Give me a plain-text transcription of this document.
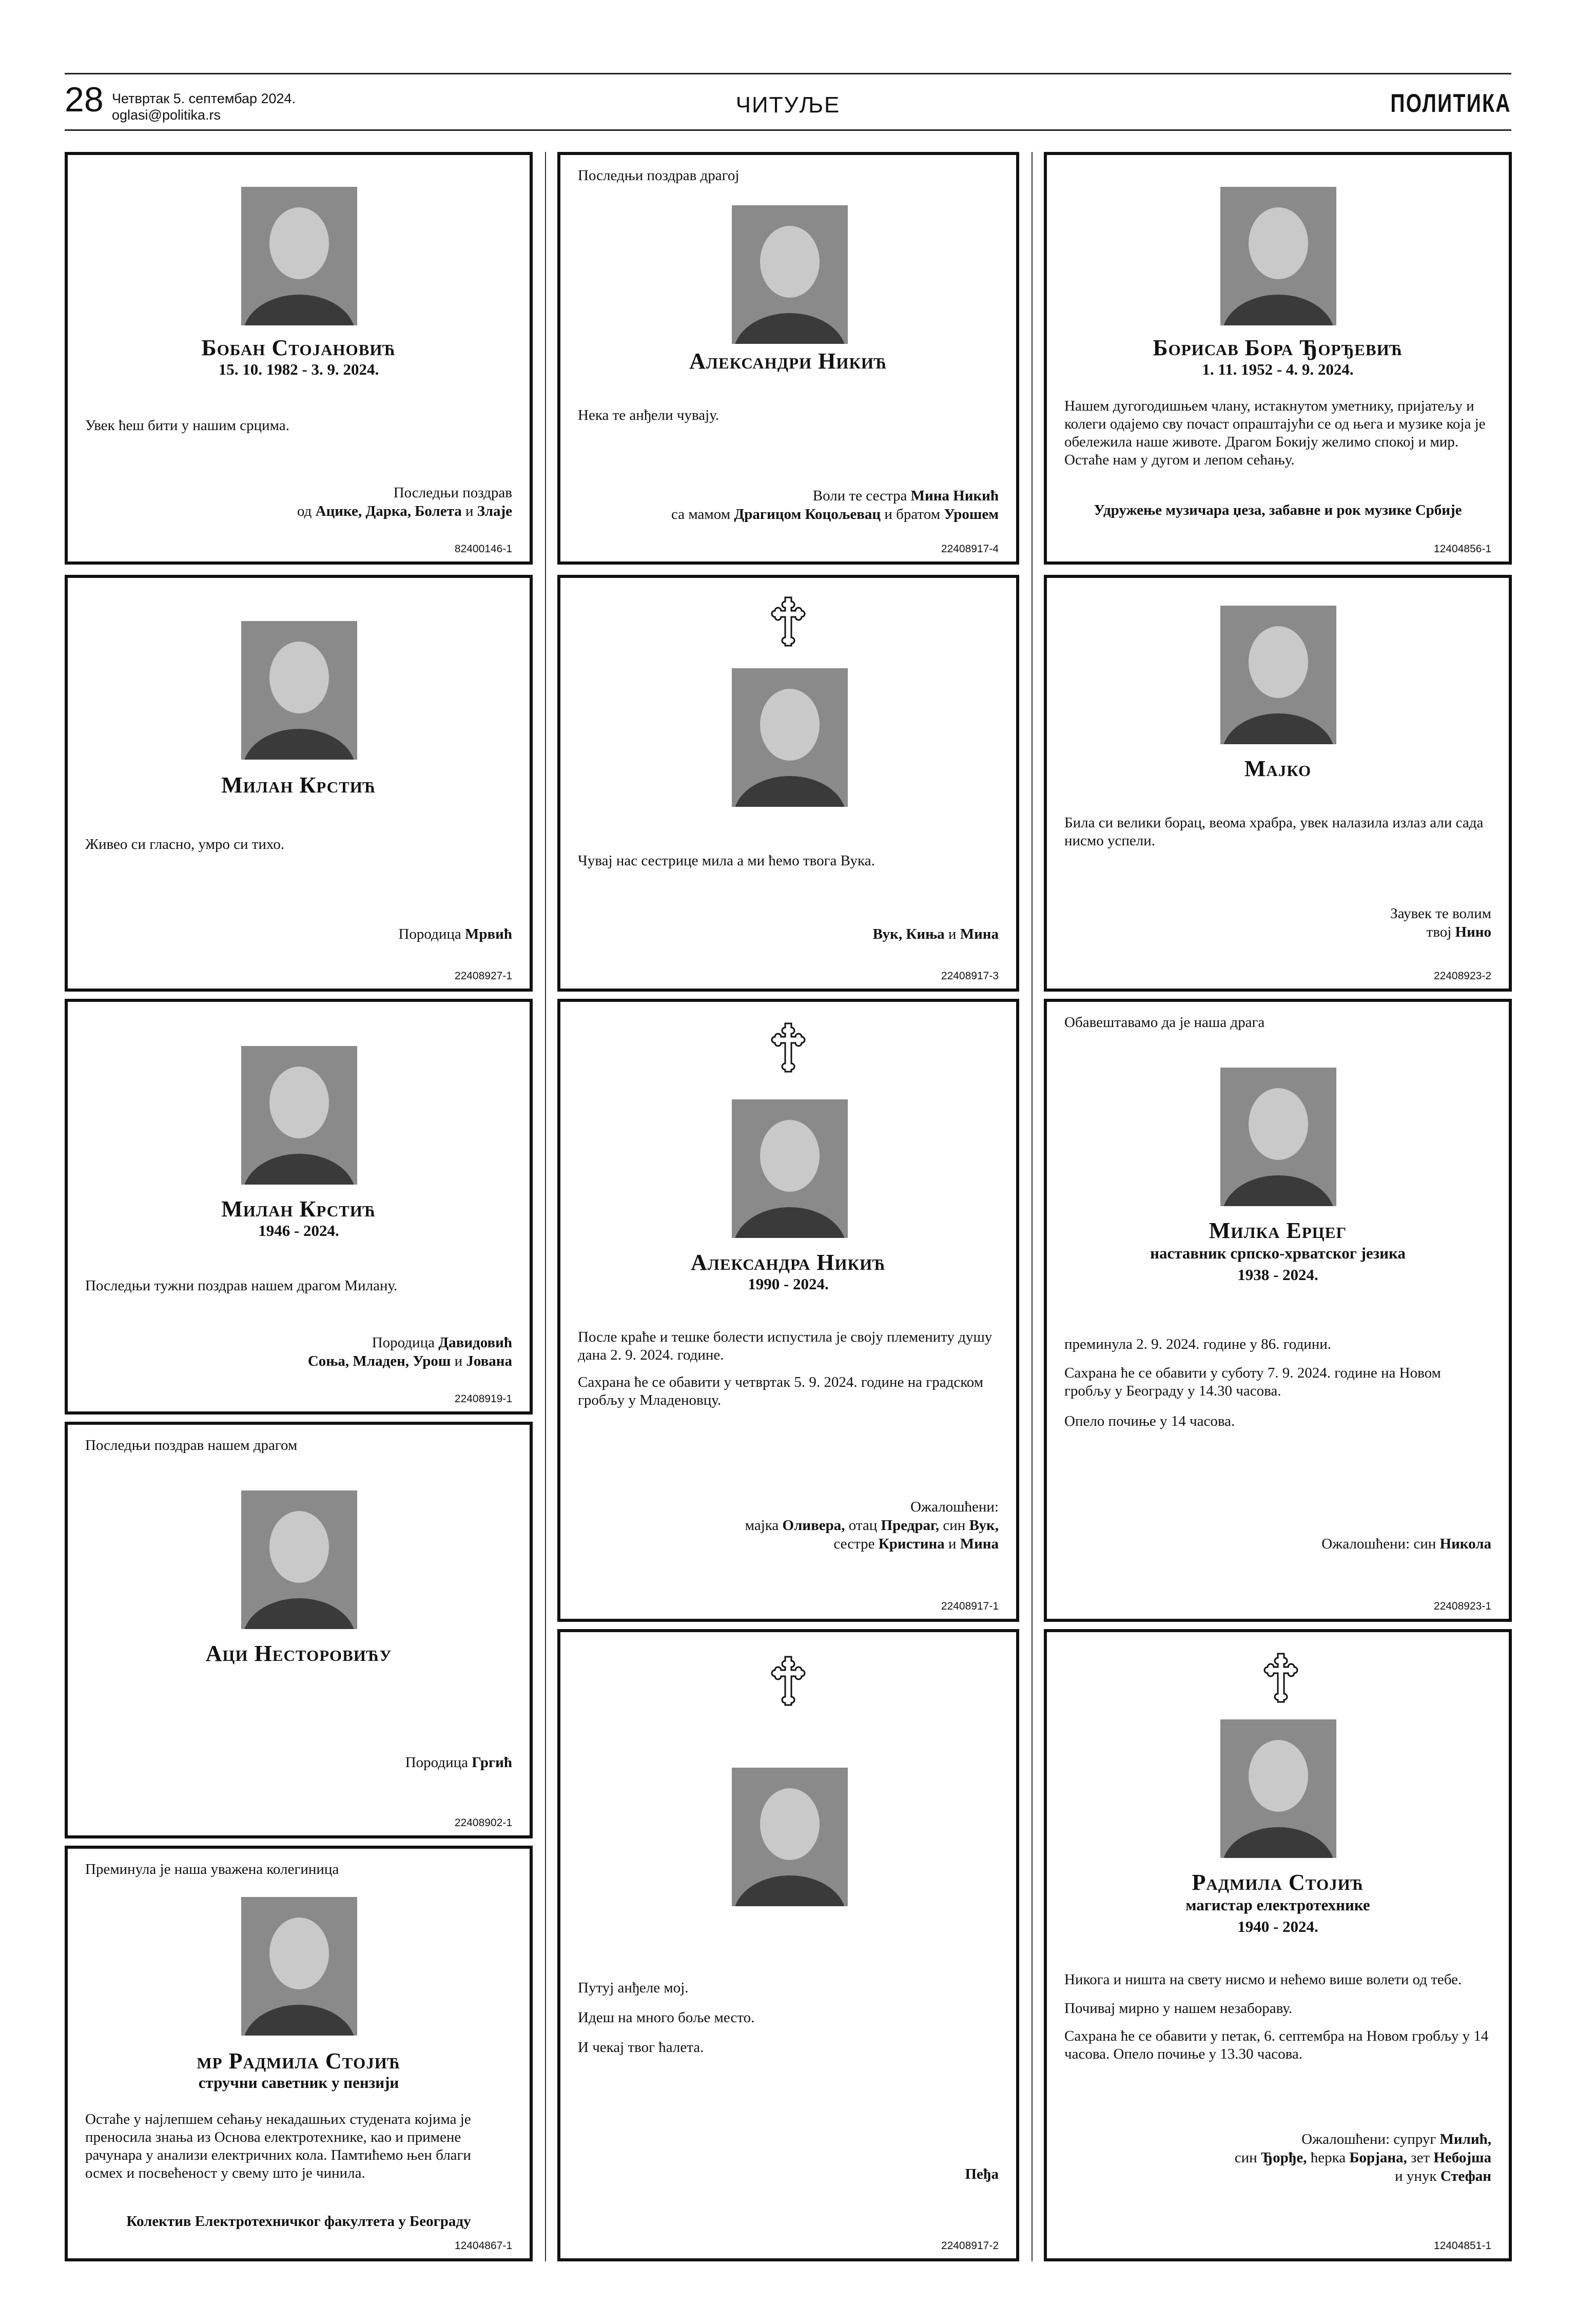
28 Четвртак 5. септембар 2024.
oglasi@politika.rs	ЧИТУЉЕ	ПОЛИТИКА
Бобан Стојановић
15. 10. 1982 - 3. 9. 2024.
Увек ћеш бити у нашим срцима.
Последњи поздрав
од Ацике, Дарка, Болета и Злаје
82400146-1
Милан Крстић
Живео си гласно, умро си тихо.
Породица Мрвић
22408927-1
Милан Крстић
1946 - 2024.
Последњи тужни поздрав нашем драгом Милану.
Породица Давидовић
Соња, Младен, Урош и Јована
22408919-1
Последњи поздрав нашем драгом
Аци Несторовићу
Породица Гргић
22408902-1
Преминула је наша уважена колегиница
мр Радмила Стојић
стручни саветник у пензији
Остаће у најлепшем сећању некадашњих студената којима је преносила знања из Основа електротехнике, као и примене рачунара у анализи електричних кола. Памтићемо њен благи осмех и посвећеност у свему што је чинила.
Колектив Електротехничког факултета у Београду
12404867-1
Последњи поздрав драгој
Александри Никић
Нека те анђели чувају.
Воли те сестра Мина Никић
са мамом Драгицом Коцољевац и братом Урошем
22408917-4
Чувај нас сестрице мила а ми ћемо твога Вука.
Вук, Киња и Мина
22408917-3
Александра Никић
1990 - 2024.
После краће и тешке болести испустила је своју племениту душу дана 2. 9. 2024. године.
Сахрана ће се обавити у четвртак 5. 9. 2024. године на градском гробљу у Младеновцу.
Ожалошћени:
мајка Оливера, отац Предраг, син Вук,
сестре Кристина и Мина
22408917-1
Путуј анђеле мој.
Идеш на много боље место.
И чекај твог ћалета.
Пеђа
22408917-2
Борисав Бора Ђорђевић
1. 11. 1952 - 4. 9. 2024.
Нашем дугогодишњем члану, истакнутом уметнику, пријатељу и колеги одајемо сву почаст опраштајући се од њега и музике која је обележила наше животе. Драгом Бокију желимо спокој и мир. Остаће нам у дугом и лепом сећању.
Удружење музичара џеза, забавне и рок музике Србије
12404856-1
Мајко
Била си велики борац, веома храбра, увек налазила излаз али сада нисмо успели.
Заувек те волим
твој Нино
22408923-2
Обавештавамо да је наша драга
Милка Ерцег
наставник српско-хрватског језика
1938 - 2024.
преминула 2. 9. 2024. године у 86. години.
Сахрана ће се обавити у суботу 7. 9. 2024. године на Новом гробљу у Београду у 14.30 часова.
Опело почиње у 14 часова.
Ожалошћени: син Никола
22408923-1
Радмила Стојић
магистар електротехнике
1940 - 2024.
Никога и ништа на свету нисмо и нећемо више волети од тебе.
Почивај мирно у нашем незабораву.
Сахрана ће се обавити у петак, 6. септембра на Новом гробљу у 14 часова. Опело почиње у 13.30 часова.
Ожалошћени: супруг Милић,
син Ђорђе, ћерка Борјана, зет Небојша
и унук Стефан
12404851-1
